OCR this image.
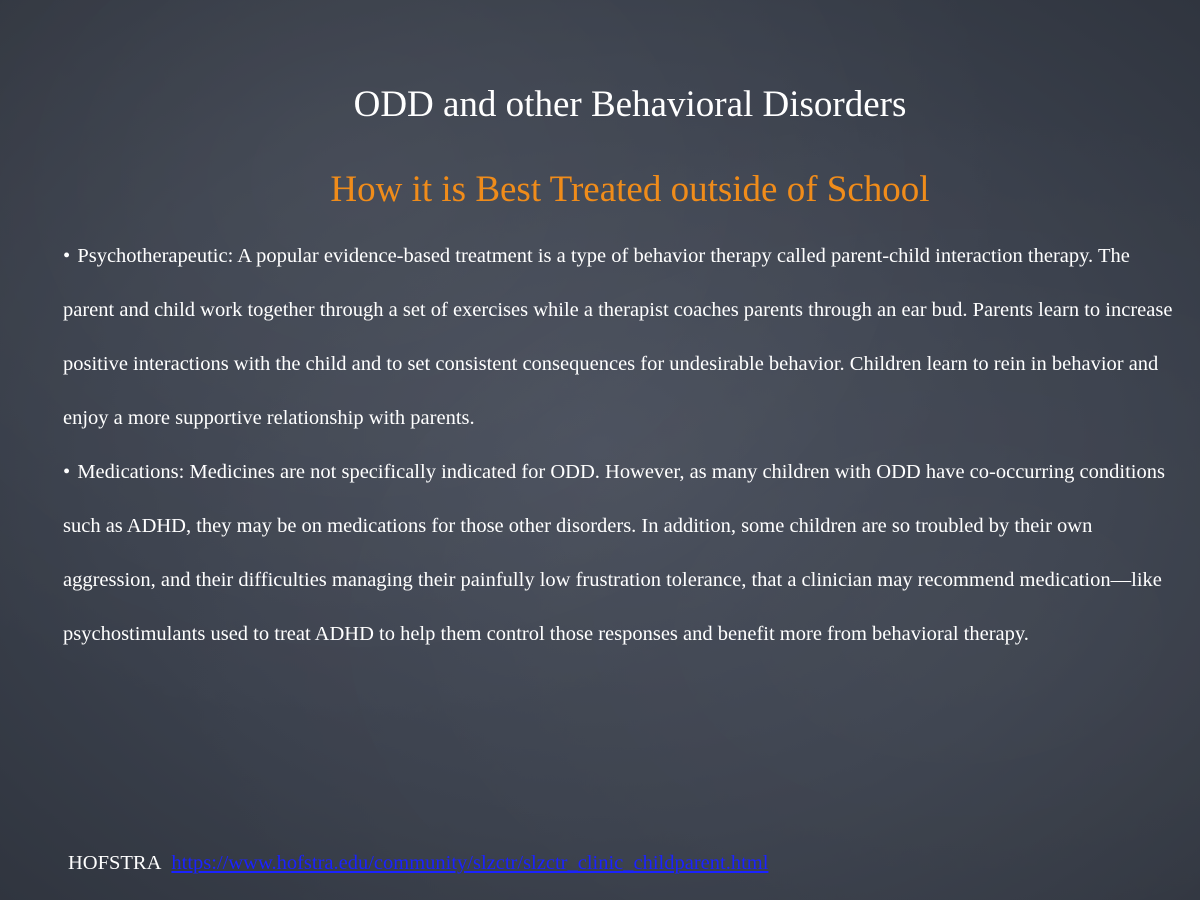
ODD and other Behavioral Disorders
How it is Best Treated outside of School

• Psychotherapeutic: A popular evidence-based treatment is a type of behavior therapy called parent-child interaction therapy. The parent and child work together through a set of exercises while a therapist coaches parents through an ear bud. Parents learn to increase positive interactions with the child and to set consistent consequences for undesirable behavior. Children learn to rein in behavior and enjoy a more supportive relationship with parents.

• Medications: Medicines are not specifically indicated for ODD. However, as many children with ODD have co-occurring conditions such as ADHD, they may be on medications for those other disorders. In addition, some children are so troubled by their own aggression, and their difficulties managing their painfully low frustration tolerance, that a clinician may recommend medication—like psychostimulants used to treat ADHD to help them control those responses and benefit more from behavioral therapy.

HOFSTRA https://www.hofstra.edu/community/slzctr/slzctr_clinic_childparent.html
